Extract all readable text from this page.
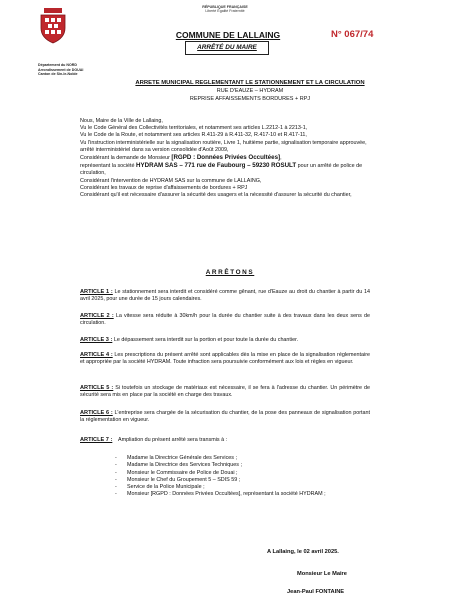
RÉPUBLIQUE FRANÇAISE
Liberté Égalité Fraternité
COMMUNE DE LALLAING	N° 067/74
ARRÊTÉ DU MAIRE
Département du NORD
Arrondissement de DOUAI
Canton de Sin-le-Noble
ARRETE MUNICIPAL REGLEMENTANT LE STATIONNEMENT ET LA CIRCULATION
RUE D'EAUZE – HYDRAM
REPRISE AFFAISSEMENTS BORDURES + RPJ

Nous, Maire de la Ville de Lallaing,

Vu le Code Général des Collectivités territoriales, et notamment ses articles L.2212-1 à 2213-1,

Vu le Code de la Route, et notamment ses articles R.411-29 à R.411-32, R.417-10 et R.417-11,

Vu l'instruction interministérielle sur la signalisation routière, Livre 1, huitième partie, signalisation temporaire approuvée, arrêté interministériel dans sa version consolidée d'Août 2009,

Considérant la demande de Monsieur [RGPD : Données Privées Occultées],
représentant la société HYDRAM SAS – 771 rue de Faubourg – 59230 ROSULT pour un arrêté de police de circulation,

Considérant l'intervention de HYDRAM SAS sur la commune de LALLAING,

Considérant les travaux de reprise d'affaissements de bordures + RPJ

Considérant qu'il est nécessaire d'assurer la sécurité des usagers et la nécessité d'assurer la sécurité du chantier,

ARRÊTONS
ARTICLE 1 : Le stationnement sera interdit et considéré comme gênant, rue d'Eauze au droit du chantier à partir du 14 avril 2025, pour une durée de 15 jours calendaires.
ARTICLE 2 : La vitesse sera réduite à 30km/h pour la durée du chantier suite à des travaux dans les deux sens de circulation.
ARTICLE 3 : Le dépassement sera interdit sur la portion et pour toute la durée du chantier.
ARTICLE 4 : Les prescriptions du présent arrêté sont applicables dès la mise en place de la signalisation réglementaire et appropriée par la société HYDRAM. Toute infraction sera poursuivie conformément aux lois et règles en vigueur.
ARTICLE 5 : Si toutefois un stockage de matériaux est nécessaire, il se fera à l'adresse du chantier. Un périmètre de sécurité sera mis en place par la société en charge des travaux.
ARTICLE 6 : L'entreprise sera chargée de la sécurisation du chantier, de la pose des panneaux de signalisation portant la réglementation en vigueur.
ARTICLE 7 :    Ampliation du présent arrêté sera transmis à :
-	Madame la Directrice Générale des Services ;
-	Madame la Directrice des Services Techniques ;
-	Monsieur le Commissaire de Police de Douai ;
-	Monsieur le Chef du Groupement 5 – SDIS 59 ;
-	Service de la Police Municipale ;
-	Monsieur [RGPD : Données Privées Occultées], représentant la société HYDRAM ;
A Lallaing, le 02 avril 2025.
Monsieur Le Maire
Jean-Paul FONTAINE
